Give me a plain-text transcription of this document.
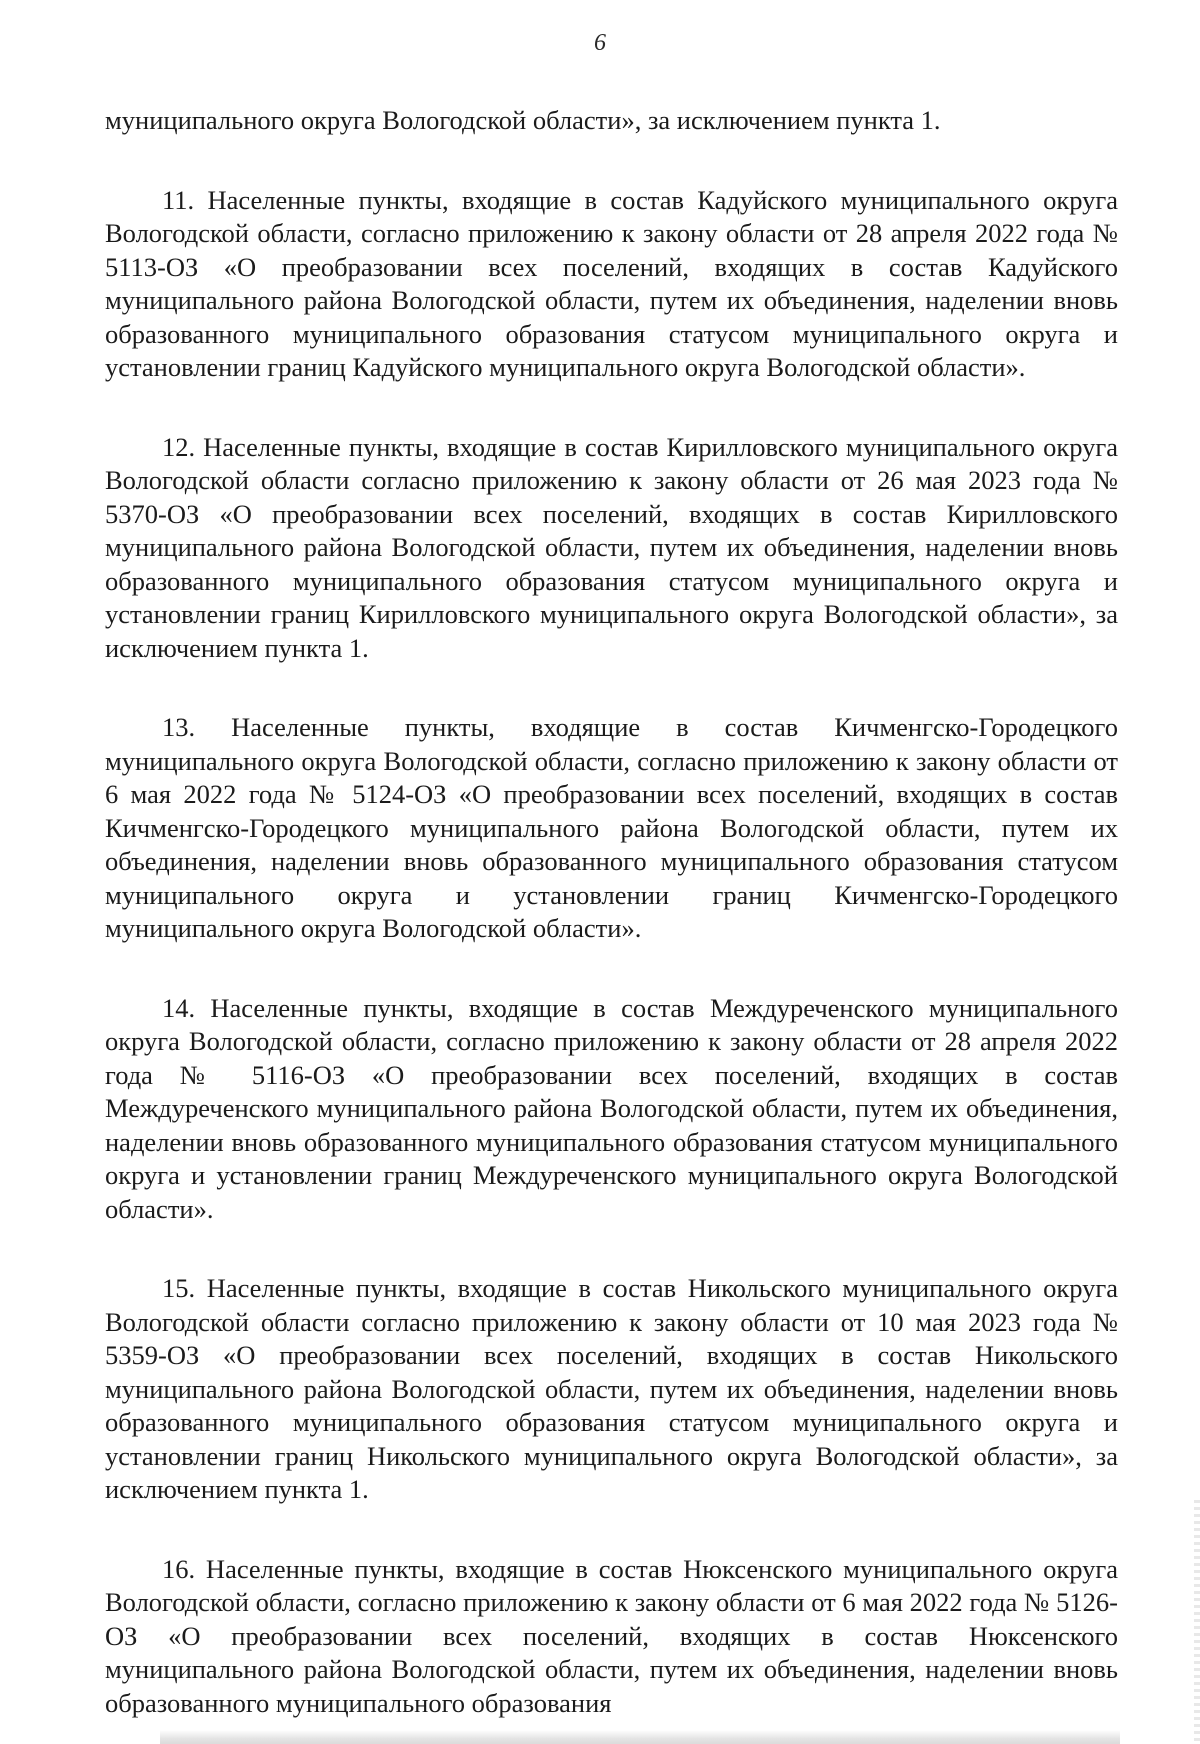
6

муниципального округа Вологодской области», за исключением пункта 1.

11. Населенные пункты, входящие в состав Кадуйского муниципального округа Вологодской области, согласно приложению к закону области от 28 апреля 2022 года № 5113-ОЗ «О преобразовании всех поселений, входящих в состав Кадуйского муниципального района Вологодской области, путем их объединения, наделении вновь образованного муниципального образования статусом муниципального округа и установлении границ Кадуйского муниципального округа Вологодской области».

12. Населенные пункты, входящие в состав Кирилловского муниципального округа Вологодской области согласно приложению к закону области от 26 мая 2023 года № 5370-ОЗ «О преобразовании всех поселений, входящих в состав Кирилловского муниципального района Вологодской области, путем их объединения, наделении вновь образованного муниципального образования статусом муниципального округа и установлении границ Кирилловского муниципального округа Вологодской области», за исключением пункта 1.

13. Населенные пункты, входящие в состав Кичменгско-Городецкого муниципального округа Вологодской области, согласно приложению к закону области от 6 мая 2022 года № 5124-ОЗ «О преобразовании всех поселений, входящих в состав Кичменгско-Городецкого муниципального района Вологодской области, путем их объединения, наделении вновь образованного муниципального образования статусом муниципального округа и установлении границ Кичменгско-Городецкого муниципального округа Вологодской области».

14. Населенные пункты, входящие в состав Междуреченского муниципального округа Вологодской области, согласно приложению к закону области от 28 апреля 2022 года № 5116-ОЗ «О преобразовании всех поселений, входящих в состав Междуреченского муниципального района Вологодской области, путем их объединения, наделении вновь образованного муниципального образования статусом муниципального округа и установлении границ Междуреченского муниципального округа Вологодской области».

15. Населенные пункты, входящие в состав Никольского муниципального округа Вологодской области согласно приложению к закону области от 10 мая 2023 года № 5359-ОЗ «О преобразовании всех поселений, входящих в состав Никольского муниципального района Вологодской области, путем их объединения, наделении вновь образованного муниципального образования статусом муниципального округа и установлении границ Никольского муниципального округа Вологодской области», за исключением пункта 1.

16. Населенные пункты, входящие в состав Нюксенского муниципального округа Вологодской области, согласно приложению к закону области от 6 мая 2022 года № 5126-ОЗ «О преобразовании всех поселений, входящих в состав Нюксенского муниципального района Вологодской области, путем их объединения, наделении вновь образованного муниципального образования
